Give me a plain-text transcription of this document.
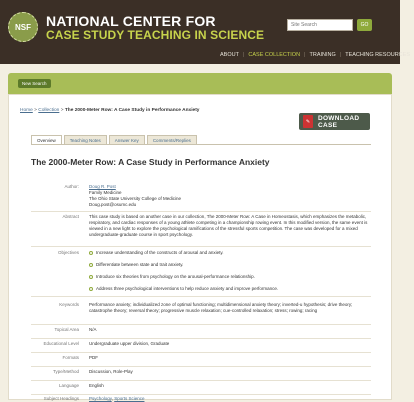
NSF NATIONAL CENTER FOR
CASE STUDY TEACHING IN SCIENCE
Site Search
GO
ABOUT | CASE COLLECTION | TRAINING | TEACHING RESOURCES
New Search
Home > Collection > The 2000-Meter Row: A Case Study in Performance Anxiety
✎	DOWNLOAD CASE
Overview	Teaching Notes	Answer Key	Comments/Replies
The 2000-Meter Row: A Case Study in Performance Anxiety
Author: Doug R. Post
Family Medicine
The Ohio State University College of Medicine
Doug.post@osumc.edu
Abstract This case study is based on another case in our collection, The 2000-Meter Row: A Case in Homeostasis, which emphasizes the metabolic, respiratory, and cardiac responses of a young athlete competing in a championship rowing event. In this modified version, the same event is viewed in a new light to explore the psychological ramifications of the stressful sports competition. The case was developed for a mixed undergraduate-graduate course in sport psychology.
Objectives	Increase understanding of the constructs of arousal and anxiety.
Differentiate between state and trait anxiety.
Introduce six theories from psychology on the arousal-performance relationship.
Address three psychological interventions to help reduce anxiety and improve performance.
Keywords Performance anxiety; individualized zone of optimal functioning; multidimensional anxiety theory; inverted-u hypothesis; drive theory; catastrophe theory; reversal theory; progressive muscle relaxation; cue-controlled relaxation; stress; rowing; racing
Topical Area N/A
Educational Level Undergraduate upper division, Graduate
Formats PDF
Type/Method Discussion, Role-Play
Language English
Subject Headings Psychology, Sports Science
